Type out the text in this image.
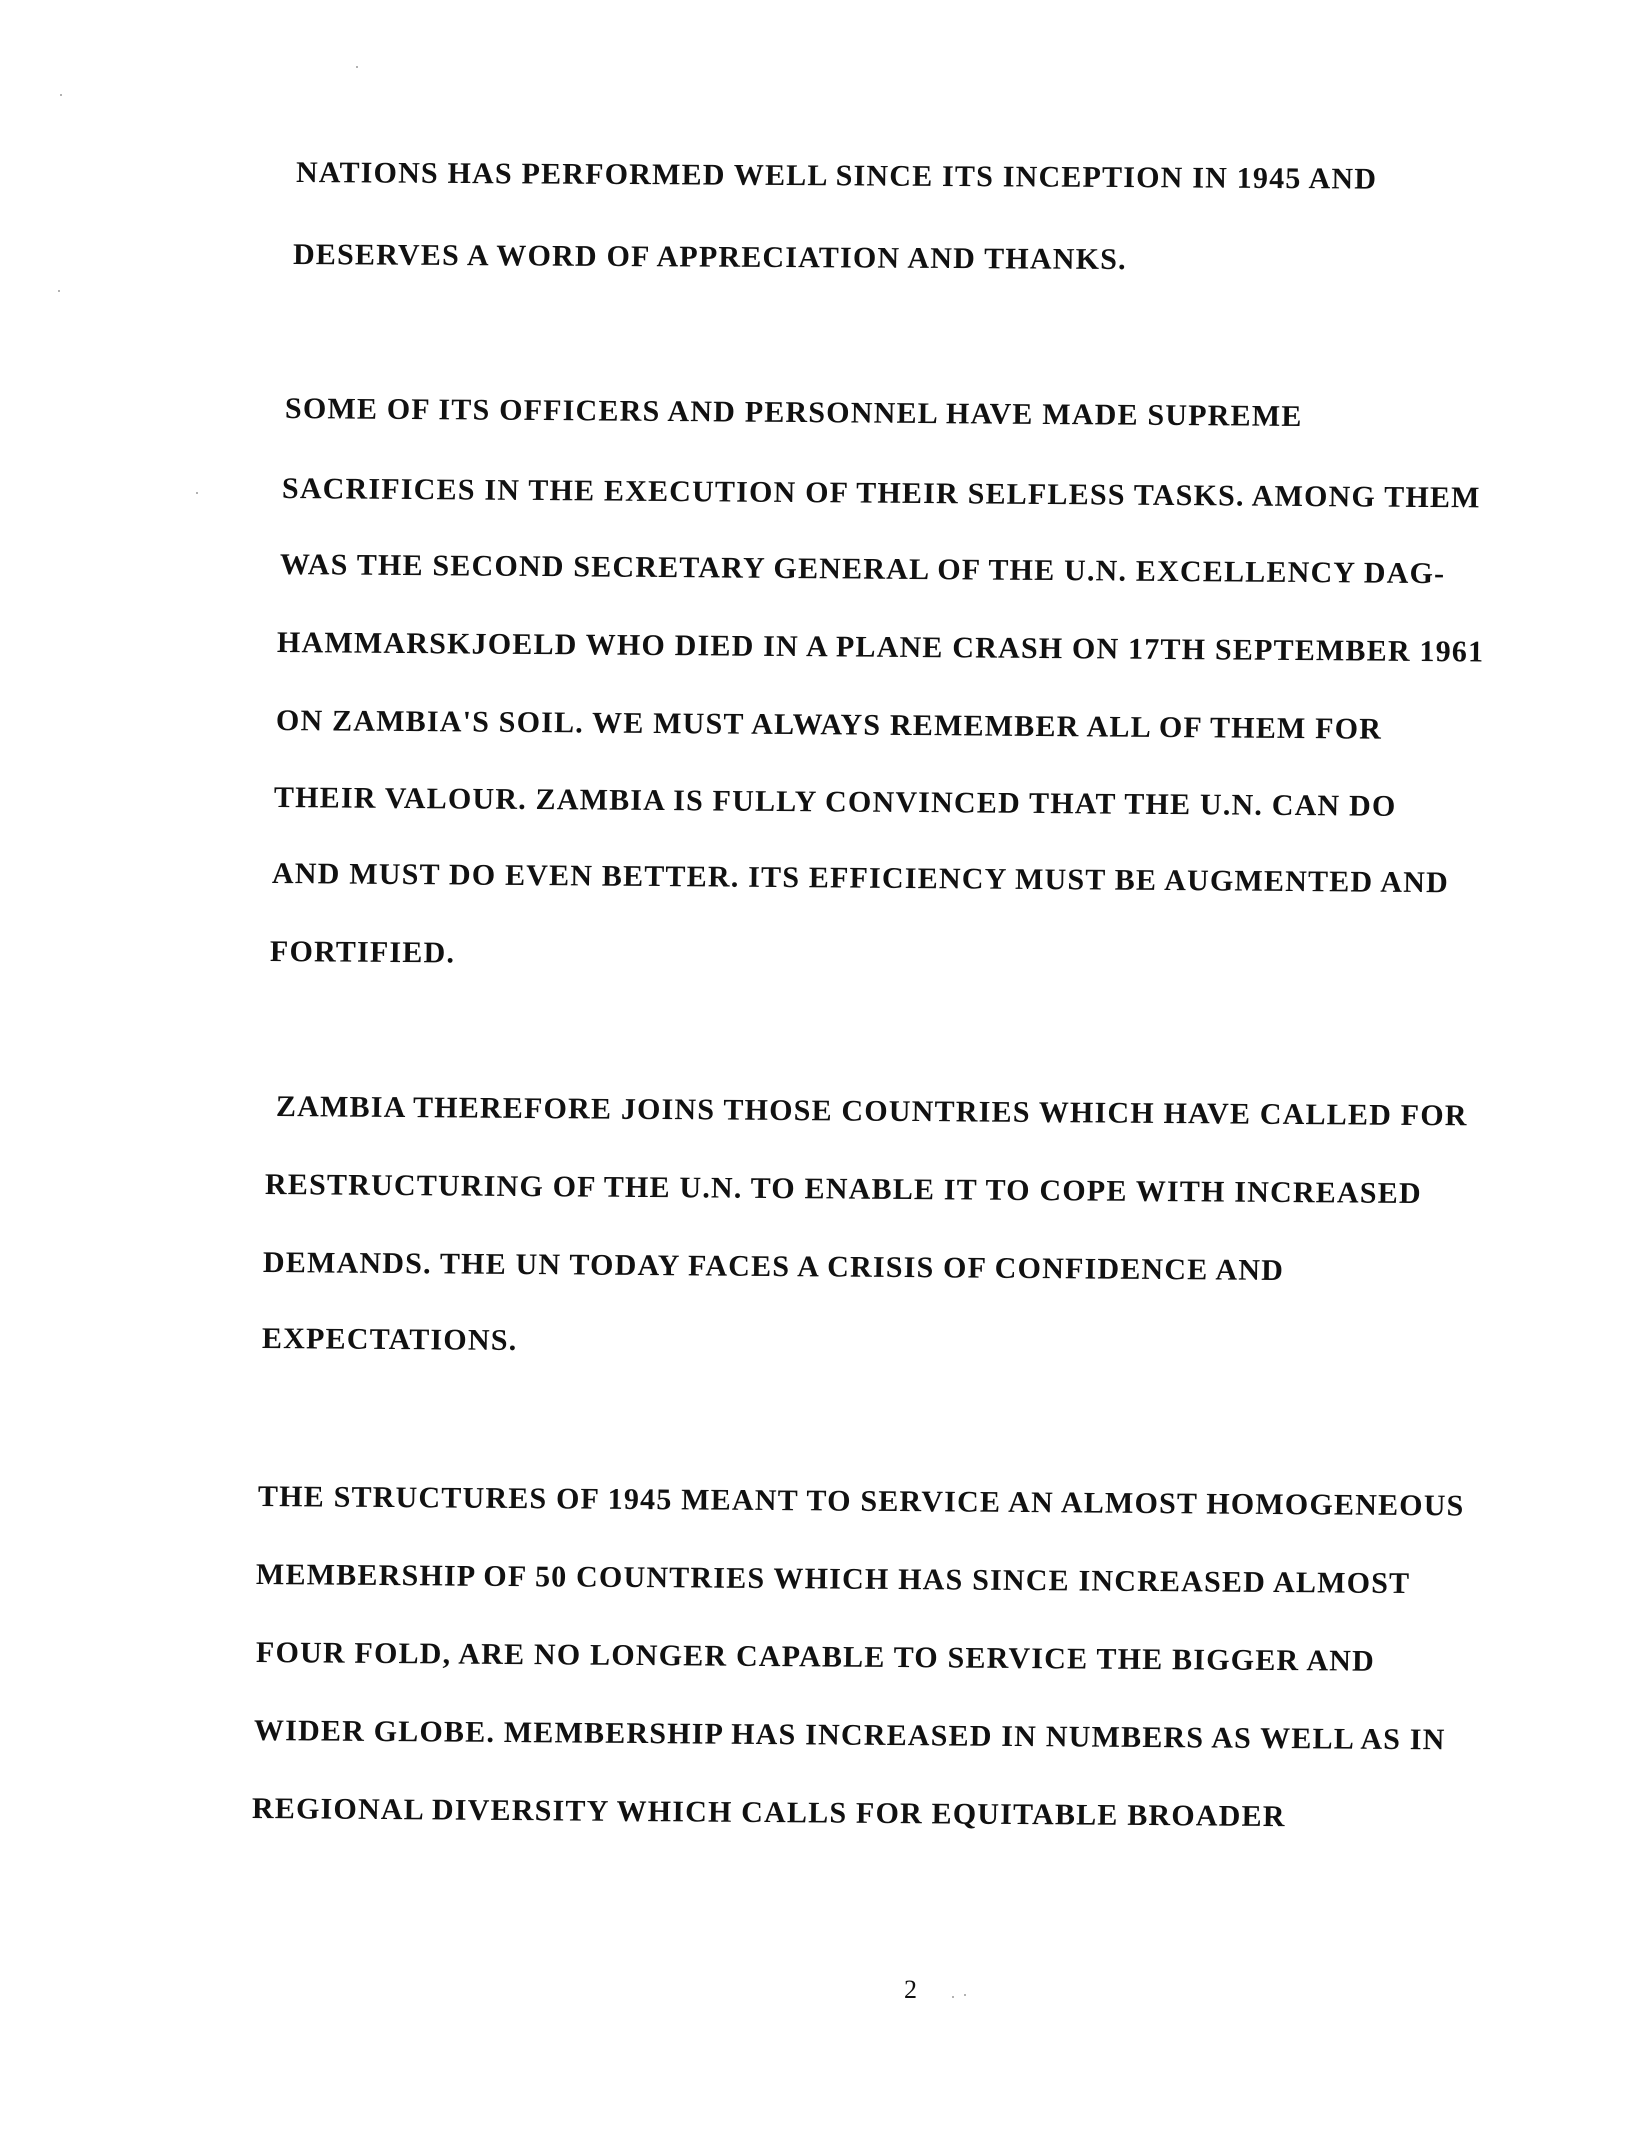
NATIONS HAS PERFORMED WELL SINCE ITS INCEPTION IN 1945 AND
DESERVES A WORD OF APPRECIATION AND THANKS.
SOME OF ITS OFFICERS AND PERSONNEL HAVE MADE SUPREME
SACRIFICES IN THE EXECUTION OF THEIR SELFLESS TASKS. AMONG THEM
WAS THE SECOND SECRETARY GENERAL OF THE U.N. EXCELLENCY DAG-
HAMMARSKJOELD WHO DIED IN A PLANE CRASH ON 17TH SEPTEMBER 1961
ON ZAMBIA'S SOIL. WE MUST ALWAYS REMEMBER ALL OF THEM FOR
THEIR VALOUR. ZAMBIA IS FULLY CONVINCED THAT THE U.N. CAN DO
AND MUST DO EVEN BETTER. ITS EFFICIENCY MUST BE AUGMENTED AND
FORTIFIED.
ZAMBIA THEREFORE JOINS THOSE COUNTRIES WHICH HAVE CALLED FOR
RESTRUCTURING OF THE U.N. TO ENABLE IT TO COPE WITH INCREASED
DEMANDS. THE UN TODAY FACES A CRISIS OF CONFIDENCE AND
EXPECTATIONS.
THE STRUCTURES OF 1945 MEANT TO SERVICE AN ALMOST HOMOGENEOUS
MEMBERSHIP OF 50 COUNTRIES WHICH HAS SINCE INCREASED ALMOST
FOUR FOLD, ARE NO LONGER CAPABLE TO SERVICE THE BIGGER AND
WIDER GLOBE. MEMBERSHIP HAS INCREASED IN NUMBERS AS WELL AS IN
REGIONAL DIVERSITY WHICH CALLS FOR EQUITABLE BROADER
2
